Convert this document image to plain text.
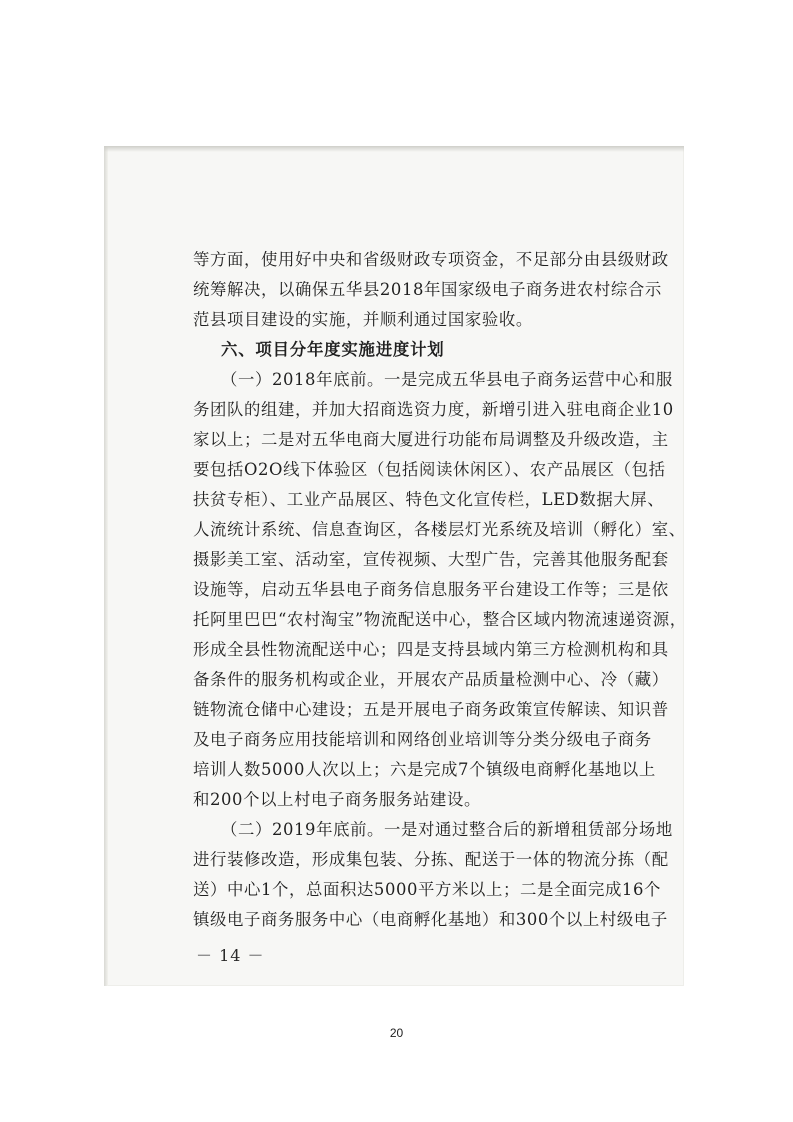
等方面，使用好中央和省级财政专项资金，不足部分由县级财政
统筹解决，以确保五华县2018年国家级电子商务进农村综合示
范县项目建设的实施，并顺利通过国家验收。
六、项目分年度实施进度计划
（一）2018年底前。一是完成五华县电子商务运营中心和服
务团队的组建，并加大招商选资力度，新增引进入驻电商企业10
家以上；二是对五华电商大厦进行功能布局调整及升级改造，主
要包括O2O线下体验区（包括阅读休闲区）、农产品展区（包括
扶贫专柜）、工业产品展区、特色文化宣传栏，LED数据大屏、
人流统计系统、信息查询区，各楼层灯光系统及培训（孵化）室、
摄影美工室、活动室，宣传视频、大型广告，完善其他服务配套
设施等，启动五华县电子商务信息服务平台建设工作等；三是依
托阿里巴巴“农村淘宝”物流配送中心，整合区域内物流速递资源，
形成全县性物流配送中心；四是支持县域内第三方检测机构和具
备条件的服务机构或企业，开展农产品质量检测中心、冷（藏）
链物流仓储中心建设；五是开展电子商务政策宣传解读、知识普
及电子商务应用技能培训和网络创业培训等分类分级电子商务
培训人数5000人次以上；六是完成7个镇级电商孵化基地以上
和200个以上村电子商务服务站建设。
（二）2019年底前。一是对通过整合后的新增租赁部分场地
进行装修改造，形成集包装、分拣、配送于一体的物流分拣（配
送）中心1个，总面积达5000平方米以上；二是全面完成16个
镇级电子商务服务中心（电商孵化基地）和300个以上村级电子
－ 14 －
20
